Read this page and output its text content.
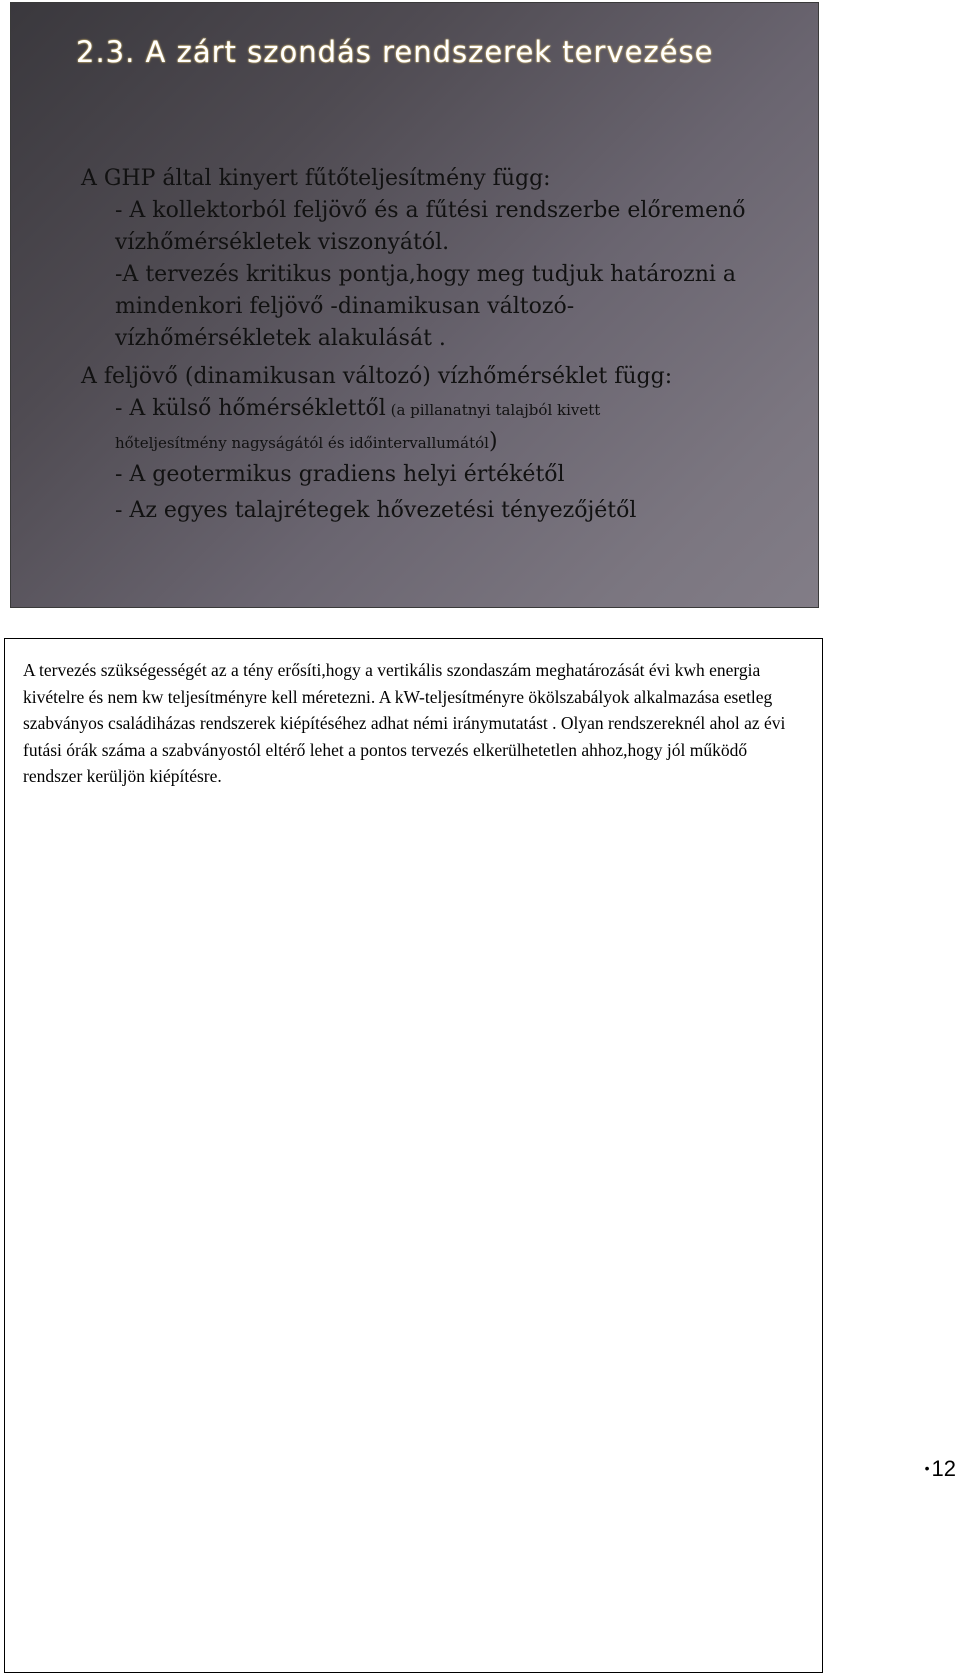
2.3. A zárt szondás rendszerek tervezése
A GHP által kinyert fűtőteljesítmény függ:
- A kollektorból feljövő és a fűtési rendszerbe előremenő
vízhőmérsékletek viszonyától.
-A tervezés kritikus pontja,hogy meg tudjuk határozni a
mindenkori feljövő -dinamikusan változó-
vízhőmérsékletek alakulását .
A feljövő (dinamikusan változó) vízhőmérséklet függ:
- A külső hőmérséklettől (a pillanatnyi talajból kivett
hőteljesítmény nagyságától és időintervallumától)
- A geotermikus gradiens helyi értékétől
- Az egyes talajrétegek hővezetési tényezőjétől

A tervezés szükségességét az a tény erősíti,hogy a vertikális szondaszám meghatározását évi kwh energia kivételre és nem kw teljesítményre kell méretezni. A kW-teljesítményre ökölszabályok alkalmazása esetleg szabványos családiházas rendszerek kiépítéséhez adhat némi iránymutatást . Olyan rendszereknél ahol az évi futási órák száma a szabványostól eltérő lehet a pontos tervezés elkerülhetetlen ahhoz,hogy jól működő rendszer kerüljön kiépítésre.

•12
